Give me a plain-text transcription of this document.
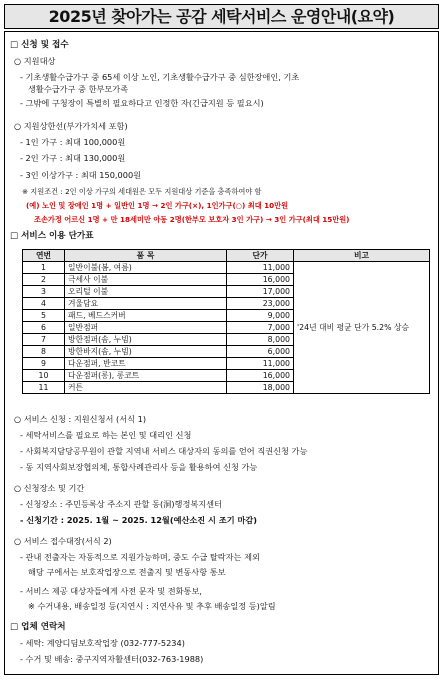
2025년 찾아가는 공감 세탁서비스 운영안내(요약)
□ 신청 및 접수
○ 지원대상
- 기초생활수급가구 중 65세 이상 노인, 기초생활수급가구 중 심한장애인, 기초
생활수급가구 중 한부모가족
- 그밖에 구청장이 특별히 필요하다고 인정한 자(긴급지원 등 필요시)
○ 지원상한선(부가가치세 포함)
- 1인 가구 : 최대 100,000원
- 2인 가구 : 최대 130,000원
- 3인 이상가구 : 최대 150,000원
※ 지원조건 : 2인 이상 가구의 세대원은 모두 지원대상 기준을 충족하여야 함
(예) 노인 및 장애인 1명 + 일반인 1명 → 2인 가구(×), 1인가구(○) 최대 10만원
조손가정 어르신 1명 + 만 18세미만 아동 2명(한부모 보호자 3인 가구) → 3인 가구(최대 15만원)
□ 서비스 이용 단가표
연번	품 목	단가	비고
1	일반이불(봄, 여름)	11,000	'24년 대비 평균 단가 5.2% 상승
2	극세사 이불	16,000	
3	오리털 이불	17,000	
4	겨울담요	23,000	
5	패드, 베드스커버	9,000	
6	일반점퍼	7,000	
7	방한점퍼(솜, 누빔)	8,000	
8	방한바지(솜, 누빔)	6,000	
9	다운점퍼, 반코트	11,000	
10	다운점퍼(롱), 롱코트	16,000	
11	커튼	18,000	
○ 서비스 신청 : 지원신청서 (서식 1)
- 세탁서비스를 필요로 하는 본인 및 대리인 신청
- 사회복지담당공무원이 관할 지역내 서비스 대상자의 동의를 얻어 직권신청 가능
- 동 지역사회보장협의체, 통합사례관리사 등을 활용하여 신청 가능
○ 신청장소 및 기간
- 신청장소 : 주민등록상 주소지 관할 동(洞)행정복지센터
- 신청기간 : 2025. 1월 ~ 2025. 12월(예산소진 시 조기 마감)
○ 서비스 접수대장(서식 2)
- 관내 전출자는 자동적으로 지원가능하며, 중도 수급 탈락자는 제외
해당 구에서는 보호작업장으로 전출지 및 변동사항 통보
- 서비스 제공 대상자들에게 사전 문자 및 전화통보,
※ 수거내용, 배송일정 등(지연시 : 지연사유 및 추후 배송일정 등)알림
□ 업체 연락처
- 세탁: 계양디딤보호작업장 (032-777-5234)
- 수거 및 배송: 중구지역자활센터(032-763-1988)
